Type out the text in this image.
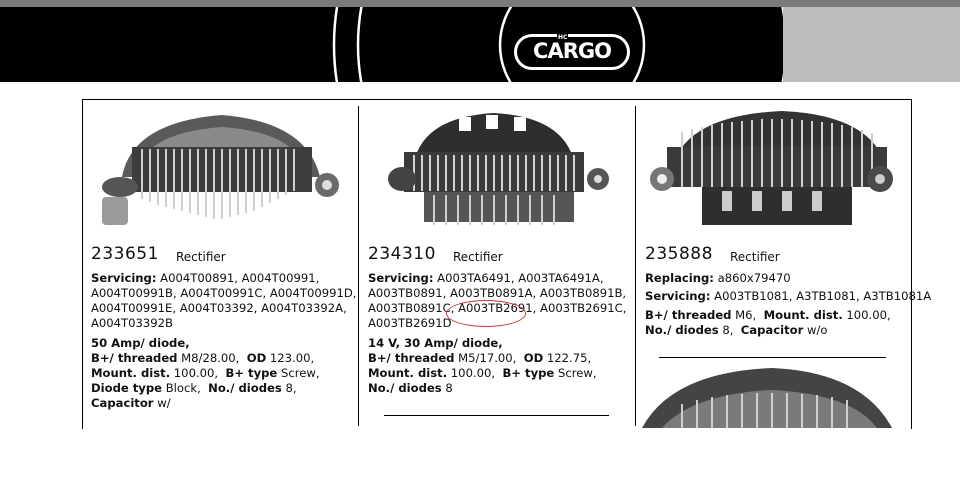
HC
CARGO
233651 Rectifier
Servicing: A004T00891, A004T00991,
A004T00991B, A004T00991C, A004T00991D,
A004T00991E, A004T03392, A004T03392A,
A004T03392B
50 Amp/ diode,
B+/ threaded M8/28.00, OD 123.00,
Mount. dist. 100.00, B+ type Screw,
Diode type Block, No./ diodes 8,
Capacitor w/
234310 Rectifier
Servicing: A003TA6491, A003TA6491A,
A003TB0891, A003TB0891A, A003TB0891B,
A003TB0891C, A003TB2691, A003TB2691C,
A003TB2691D
14 V, 30 Amp/ diode,
B+/ threaded M5/17.00, OD 122.75,
Mount. dist. 100.00, B+ type Screw,
No./ diodes 8
235888 Rectifier
Replacing: a860x79470
Servicing: A003TB1081, A3TB1081, A3TB1081A
B+/ threaded M6, Mount. dist. 100.00,
No./ diodes 8, Capacitor w/o
